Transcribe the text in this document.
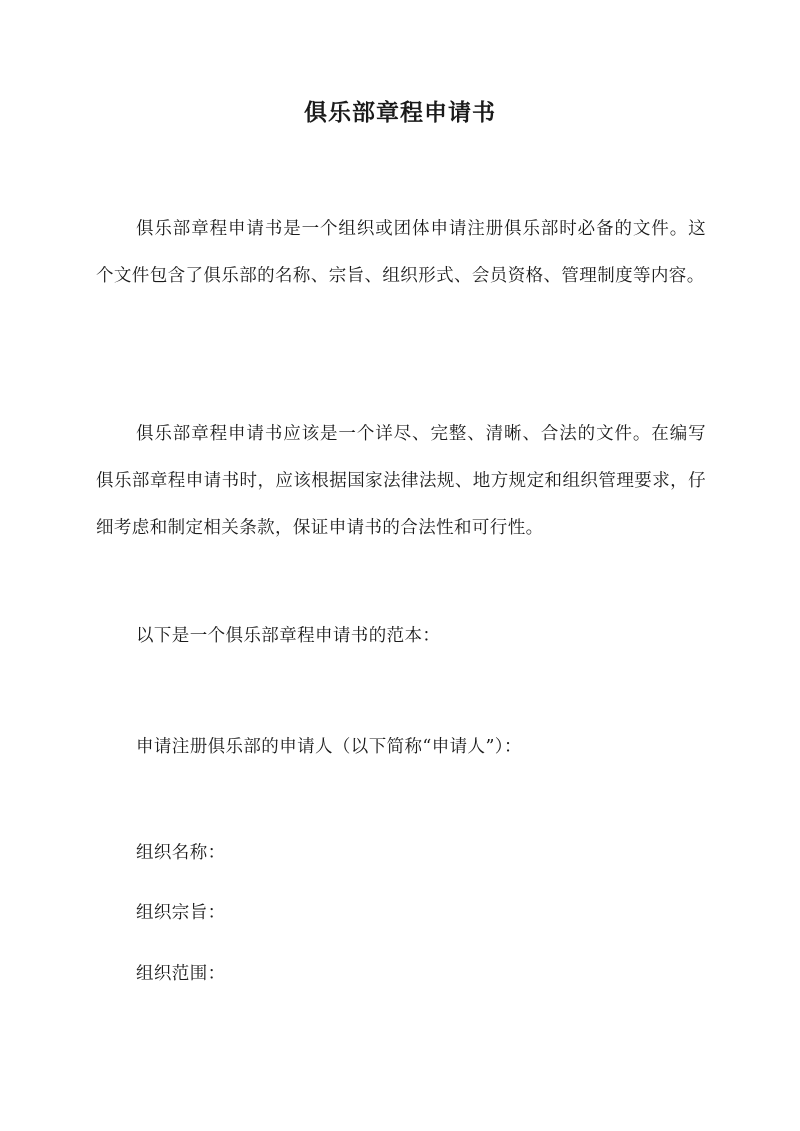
俱乐部章程申请书

俱乐部章程申请书是一个组织或团体申请注册俱乐部时必备的文件。这个文件包含了俱乐部的名称、宗旨、组织形式、会员资格、管理制度等内容。

俱乐部章程申请书应该是一个详尽、完整、清晰、合法的文件。在编写俱乐部章程申请书时，应该根据国家法律法规、地方规定和组织管理要求，仔细考虑和制定相关条款，保证申请书的合法性和可行性。

以下是一个俱乐部章程申请书的范本：

申请注册俱乐部的申请人（以下简称“申请人”）：

组织名称：

组织宗旨：

组织范围：
